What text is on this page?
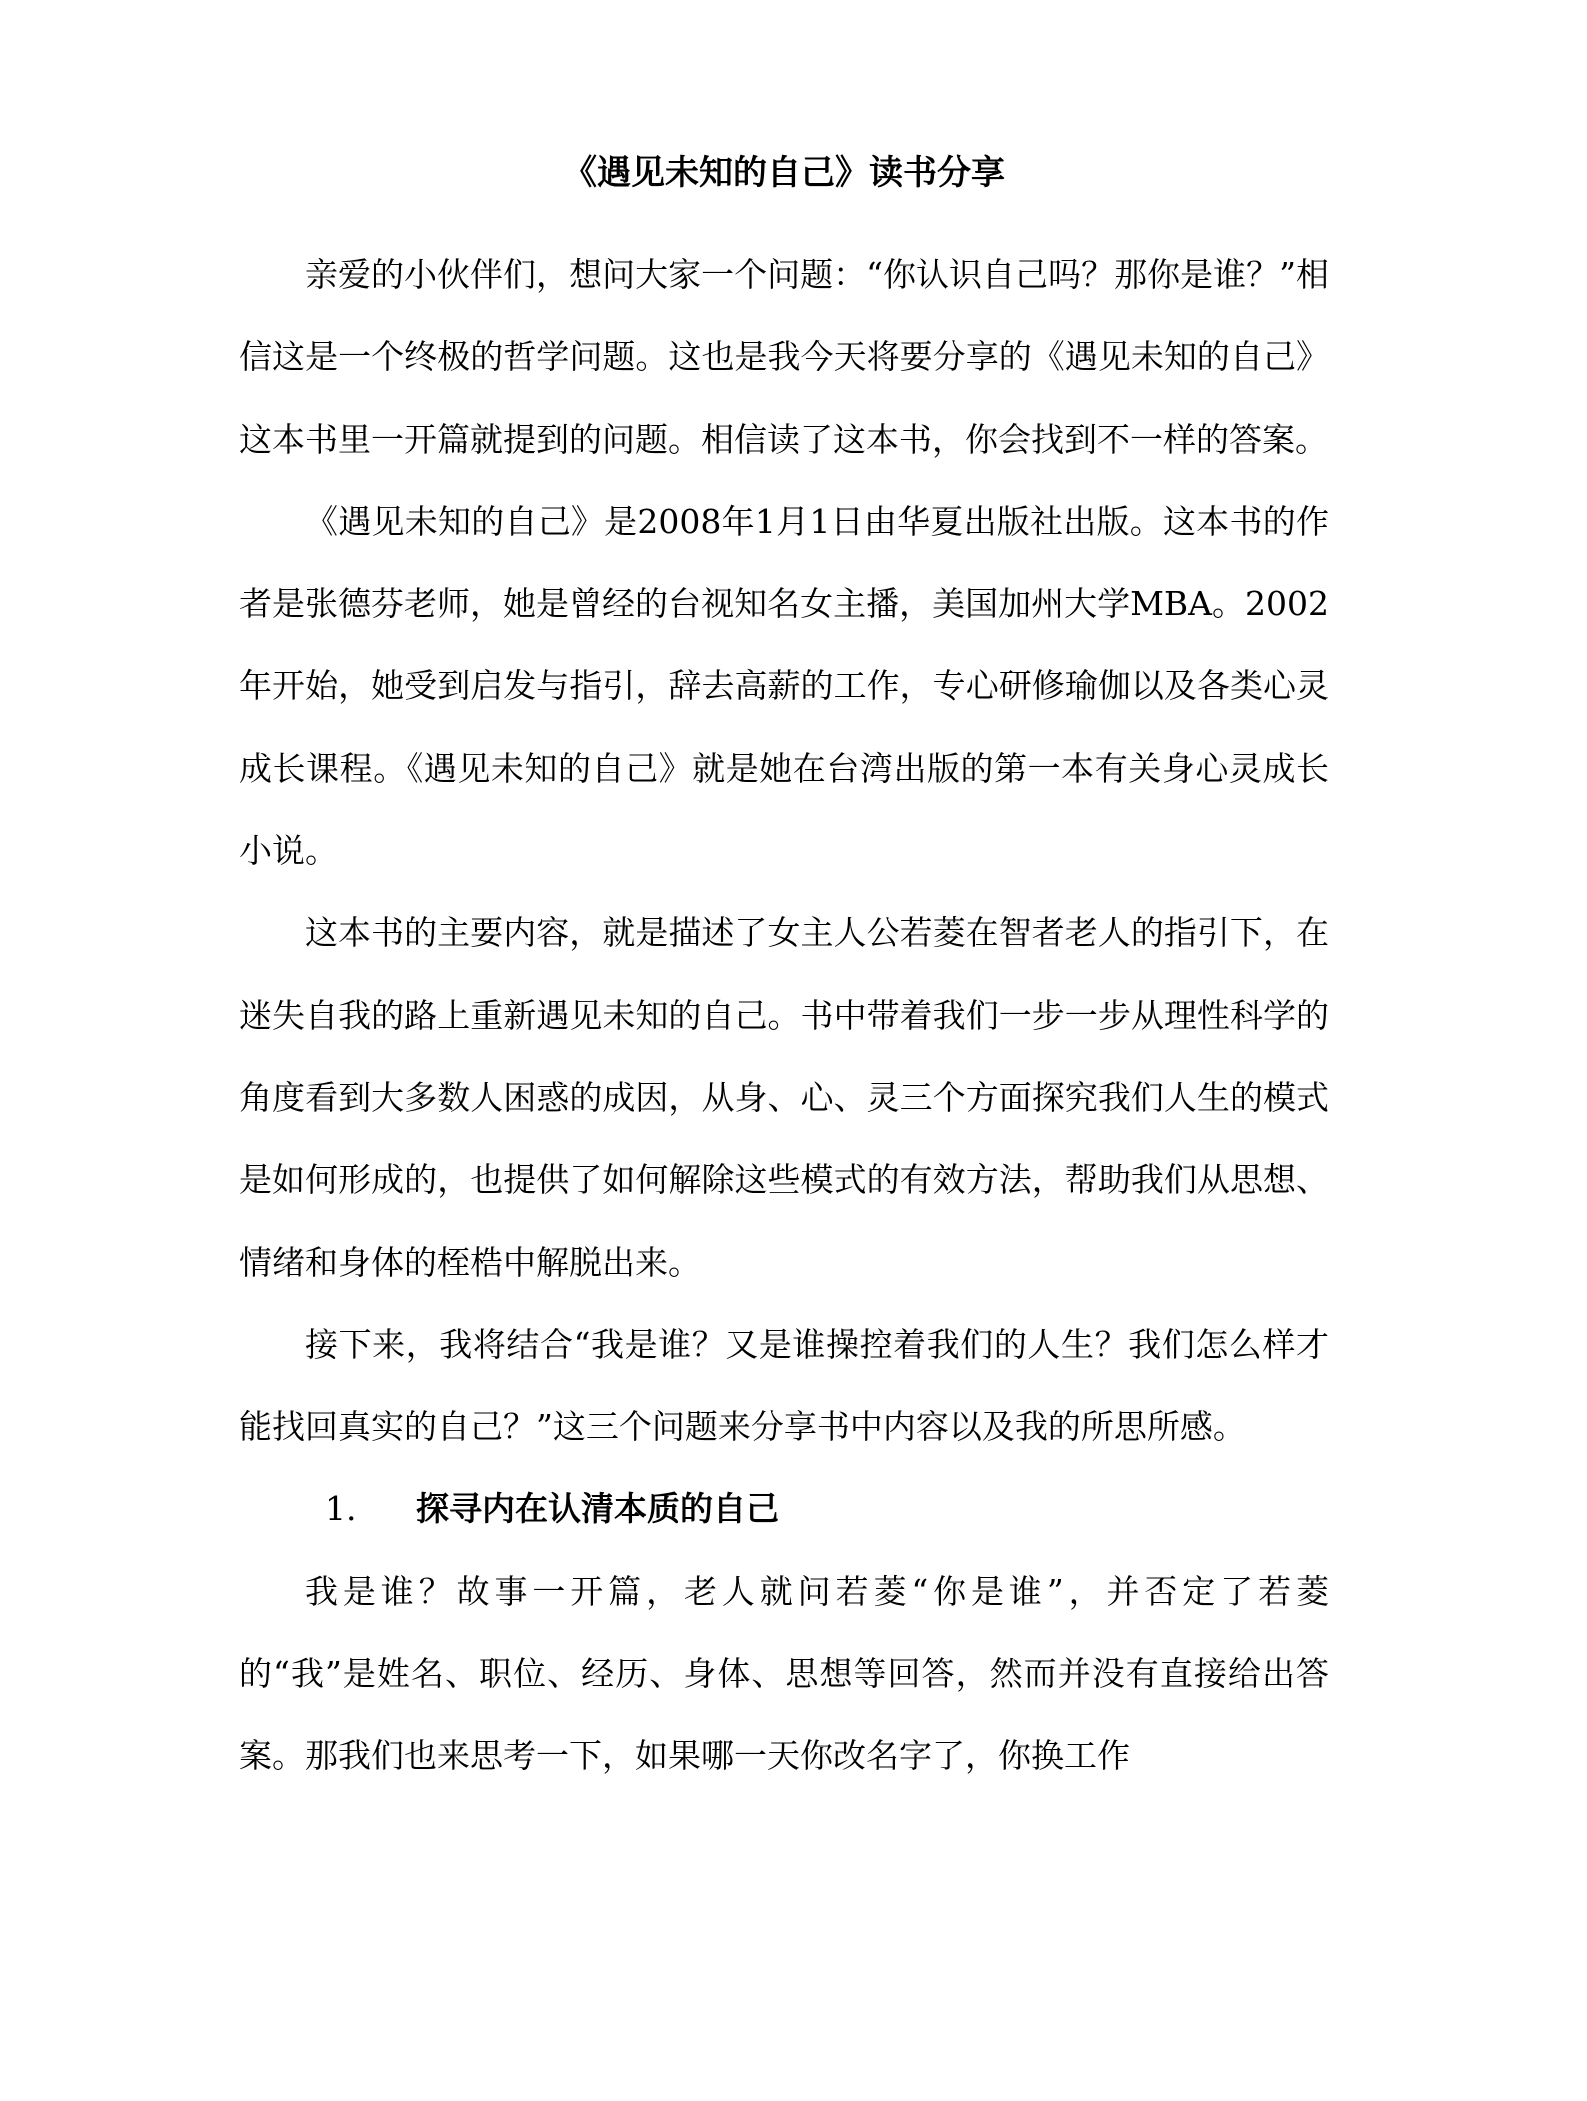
《遇见未知的自己》读书分享

亲爱的小伙伴们，想问大家一个问题：“你认识自己吗？那你是谁？”相信这是一个终极的哲学问题。这也是我今天将要分享的《遇见未知的自己》这本书里一开篇就提到的问题。相信读了这本书，你会找到不一样的答案。

《遇见未知的自己》是2008年1月1日由华夏出版社出版。这本书的作者是张德芬老师，她是曾经的台视知名女主播，美国加州大学MBA。2002年开始，她受到启发与指引，辞去高薪的工作，专心研修瑜伽以及各类心灵成长课程。《遇见未知的自己》就是她在台湾出版的第一本有关身心灵成长小说。

这本书的主要内容，就是描述了女主人公若菱在智者老人的指引下，在迷失自我的路上重新遇见未知的自己。书中带着我们一步一步从理性科学的角度看到大多数人困惑的成因，从身、心、灵三个方面探究我们人生的模式是如何形成的，也提供了如何解除这些模式的有效方法，帮助我们从思想、情绪和身体的桎梏中解脱出来。

接下来，我将结合“我是谁？又是谁操控着我们的人生？我们怎么样才能找回真实的自己？”这三个问题来分享书中内容以及我的所思所感。

1.	探寻内在认清本质的自己

我是谁？故事一开篇，老人就问若菱“你是谁”，并否定了若菱的“我”是姓名、职位、经历、身体、思想等回答，然而并没有直接给出答案。那我们也来思考一下，如果哪一天你改名字了，你换工作
